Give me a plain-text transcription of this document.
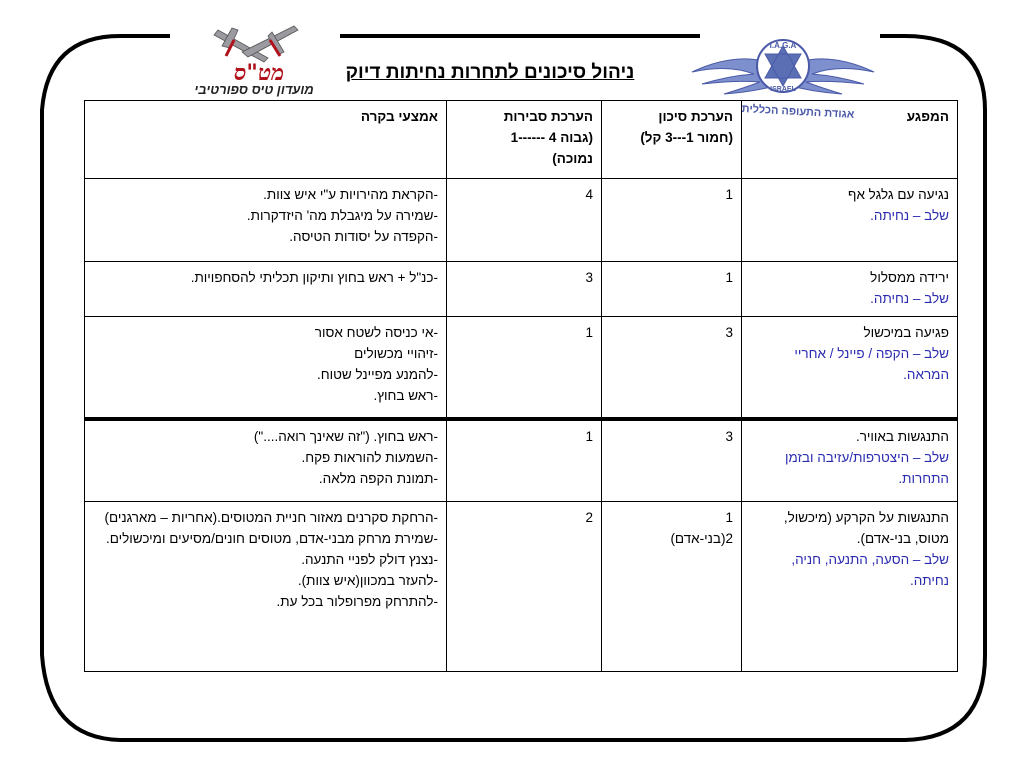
מט"ס
מועדון טיס ספורטיבי
I.A.G.A
ISRAEL
אגודת התעופה הכללית
ניהול סיכונים לתחרות נחיתות דיוק
המפגע	הערכת סיכון
(חמור 1---3 קל)	הערכת סבירות
(גבוה 4 ------1
נמוכה)	אמצעי בקרה

נגיעה עם גלגל אף
שלב – נחיתה.	1	4	-הקראת מהירויות ע"י איש צוות.
-שמירה על מיגבלת מה' היזדקרות.
-הקפדה על יסודות הטיסה.

ירידה ממסלול
שלב – נחיתה.	1	3	-כנ"ל + ראש בחוץ ותיקון תכליתי להסחפויות.

פגיעה במיכשול
שלב – הקפה / פיינל / אחריי המראה.	3	1	-אי כניסה לשטח אסור
-זיהויי מכשולים
-להמנע מפיינל שטוח.
-ראש בחוץ.

התנגשות באוויר.
שלב – היצטרפות/עזיבה ובזמן התחרות.	3	1	-ראש בחוץ. ("זה שאינך רואה....")
-השמעות להוראות פקח.
-תמונת הקפה מלאה.

התנגשות על הקרקע (מיכשול, מטוס, בני-אדם).
שלב – הסעה, התנעה, חניה, נחיתה.	1
2(בני-אדם)	2	-הרחקת סקרנים מאזור חניית המטוסים.(אחריות – מארגנים)
-שמירת מרחק מבני-אדם, מטוסים חונים/מסיעים ומיכשולים.
-נצנץ דולק לפניי התנעה.
-להעזר במכוון(איש צוות).
-להתרחק מפרופלור בכל עת.
